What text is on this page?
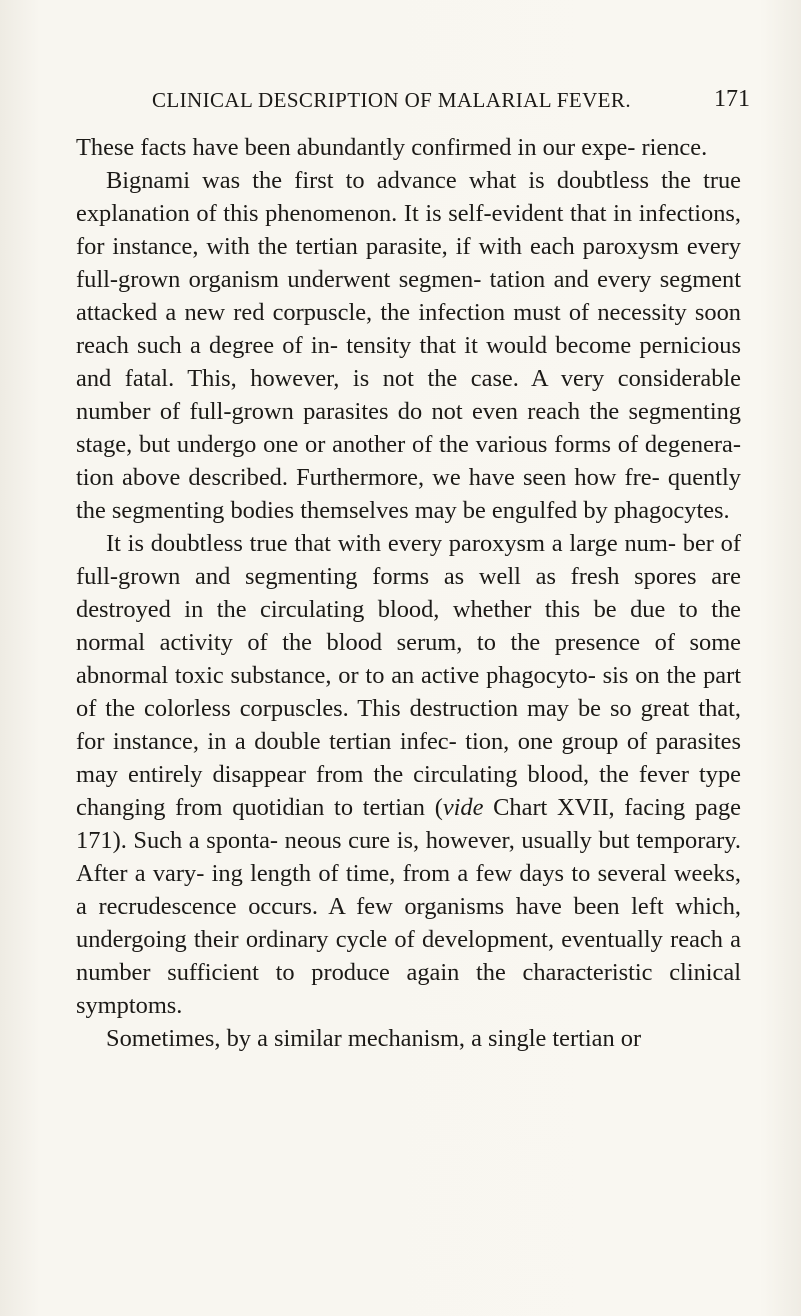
CLINICAL DESCRIPTION OF MALARIAL FEVER.	171

These facts have been abundantly confirmed in our expe- rience.

Bignami was the first to advance what is doubtless the true explanation of this phenomenon. It is self-evident that in infections, for instance, with the tertian parasite, if with each paroxysm every full-grown organism underwent segmen- tation and every segment attacked a new red corpuscle, the infection must of necessity soon reach such a degree of in- tensity that it would become pernicious and fatal. This, however, is not the case. A very considerable number of full-grown parasites do not even reach the segmenting stage, but undergo one or another of the various forms of degenera- tion above described. Furthermore, we have seen how fre- quently the segmenting bodies themselves may be engulfed by phagocytes.

It is doubtless true that with every paroxysm a large num- ber of full-grown and segmenting forms as well as fresh spores are destroyed in the circulating blood, whether this be due to the normal activity of the blood serum, to the presence of some abnormal toxic substance, or to an active phagocyto- sis on the part of the colorless corpuscles. This destruction may be so great that, for instance, in a double tertian infec- tion, one group of parasites may entirely disappear from the circulating blood, the fever type changing from quotidian to tertian (vide Chart XVII, facing page 171). Such a sponta- neous cure is, however, usually but temporary. After a vary- ing length of time, from a few days to several weeks, a recrudescence occurs. A few organisms have been left which, undergoing their ordinary cycle of development, eventually reach a number sufficient to produce again the characteristic clinical symptoms.

Sometimes, by a similar mechanism, a single tertian or
